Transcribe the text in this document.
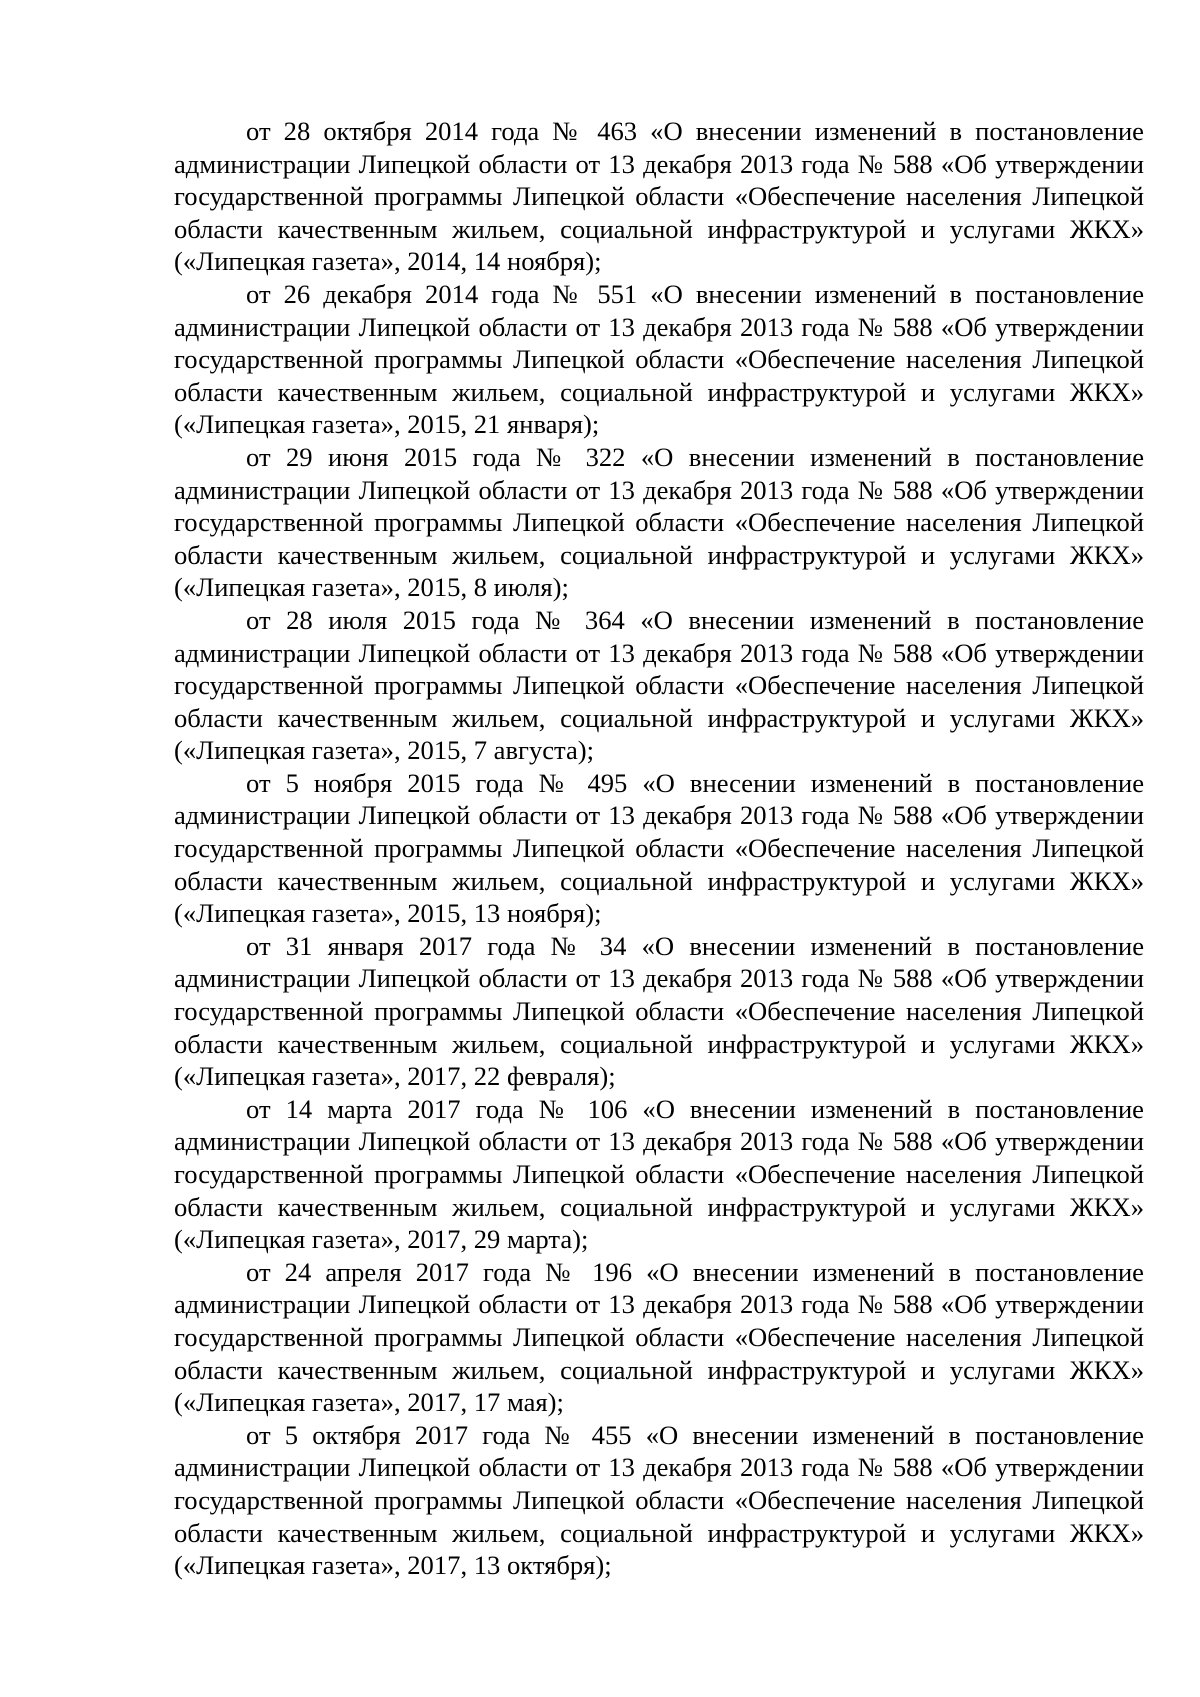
от 28 октября 2014 года № 463 «О внесении изменений в постановление администрации Липецкой области от 13 декабря 2013 года № 588 «Об утверждении государственной программы Липецкой области «Обеспечение населения Липецкой области качественным жильем, социальной инфраструктурой и услугами ЖКХ» («Липецкая газета», 2014, 14 ноября);

от 26 декабря 2014 года № 551 «О внесении изменений в постановление администрации Липецкой области от 13 декабря 2013 года № 588 «Об утверждении государственной программы Липецкой области «Обеспечение населения Липецкой области качественным жильем, социальной инфраструктурой и услугами ЖКХ» («Липецкая газета», 2015, 21 января);

от 29 июня 2015 года № 322 «О внесении изменений в постановление администрации Липецкой области от 13 декабря 2013 года № 588 «Об утверждении государственной программы Липецкой области «Обеспечение населения Липецкой области качественным жильем, социальной инфраструктурой и услугами ЖКХ» («Липецкая газета», 2015, 8 июля);

от 28 июля 2015 года № 364 «О внесении изменений в постановление администрации Липецкой области от 13 декабря 2013 года № 588 «Об утверждении государственной программы Липецкой области «Обеспечение населения Липецкой области качественным жильем, социальной инфраструктурой и услугами ЖКХ» («Липецкая газета», 2015, 7 августа);

от 5 ноября 2015 года № 495 «О внесении изменений в постановление администрации Липецкой области от 13 декабря 2013 года № 588 «Об утверждении государственной программы Липецкой области «Обеспечение населения Липецкой области качественным жильем, социальной инфраструктурой и услугами ЖКХ» («Липецкая газета», 2015, 13 ноября);

от 31 января 2017 года № 34 «О внесении изменений в постановление администрации Липецкой области от 13 декабря 2013 года № 588 «Об утверждении государственной программы Липецкой области «Обеспечение населения Липецкой области качественным жильем, социальной инфраструктурой и услугами ЖКХ» («Липецкая газета», 2017, 22 февраля);

от 14 марта 2017 года № 106 «О внесении изменений в постановление администрации Липецкой области от 13 декабря 2013 года № 588 «Об утверждении государственной программы Липецкой области «Обеспечение населения Липецкой области качественным жильем, социальной инфраструктурой и услугами ЖКХ» («Липецкая газета», 2017, 29 марта);

от 24 апреля 2017 года № 196 «О внесении изменений в постановление администрации Липецкой области от 13 декабря 2013 года № 588 «Об утверждении государственной программы Липецкой области «Обеспечение населения Липецкой области качественным жильем, социальной инфраструктурой и услугами ЖКХ» («Липецкая газета», 2017, 17 мая);

от 5 октября 2017 года № 455 «О внесении изменений в постановление администрации Липецкой области от 13 декабря 2013 года № 588 «Об утверждении государственной программы Липецкой области «Обеспечение населения Липецкой области качественным жильем, социальной инфраструктурой и услугами ЖКХ» («Липецкая газета», 2017, 13 октября);
